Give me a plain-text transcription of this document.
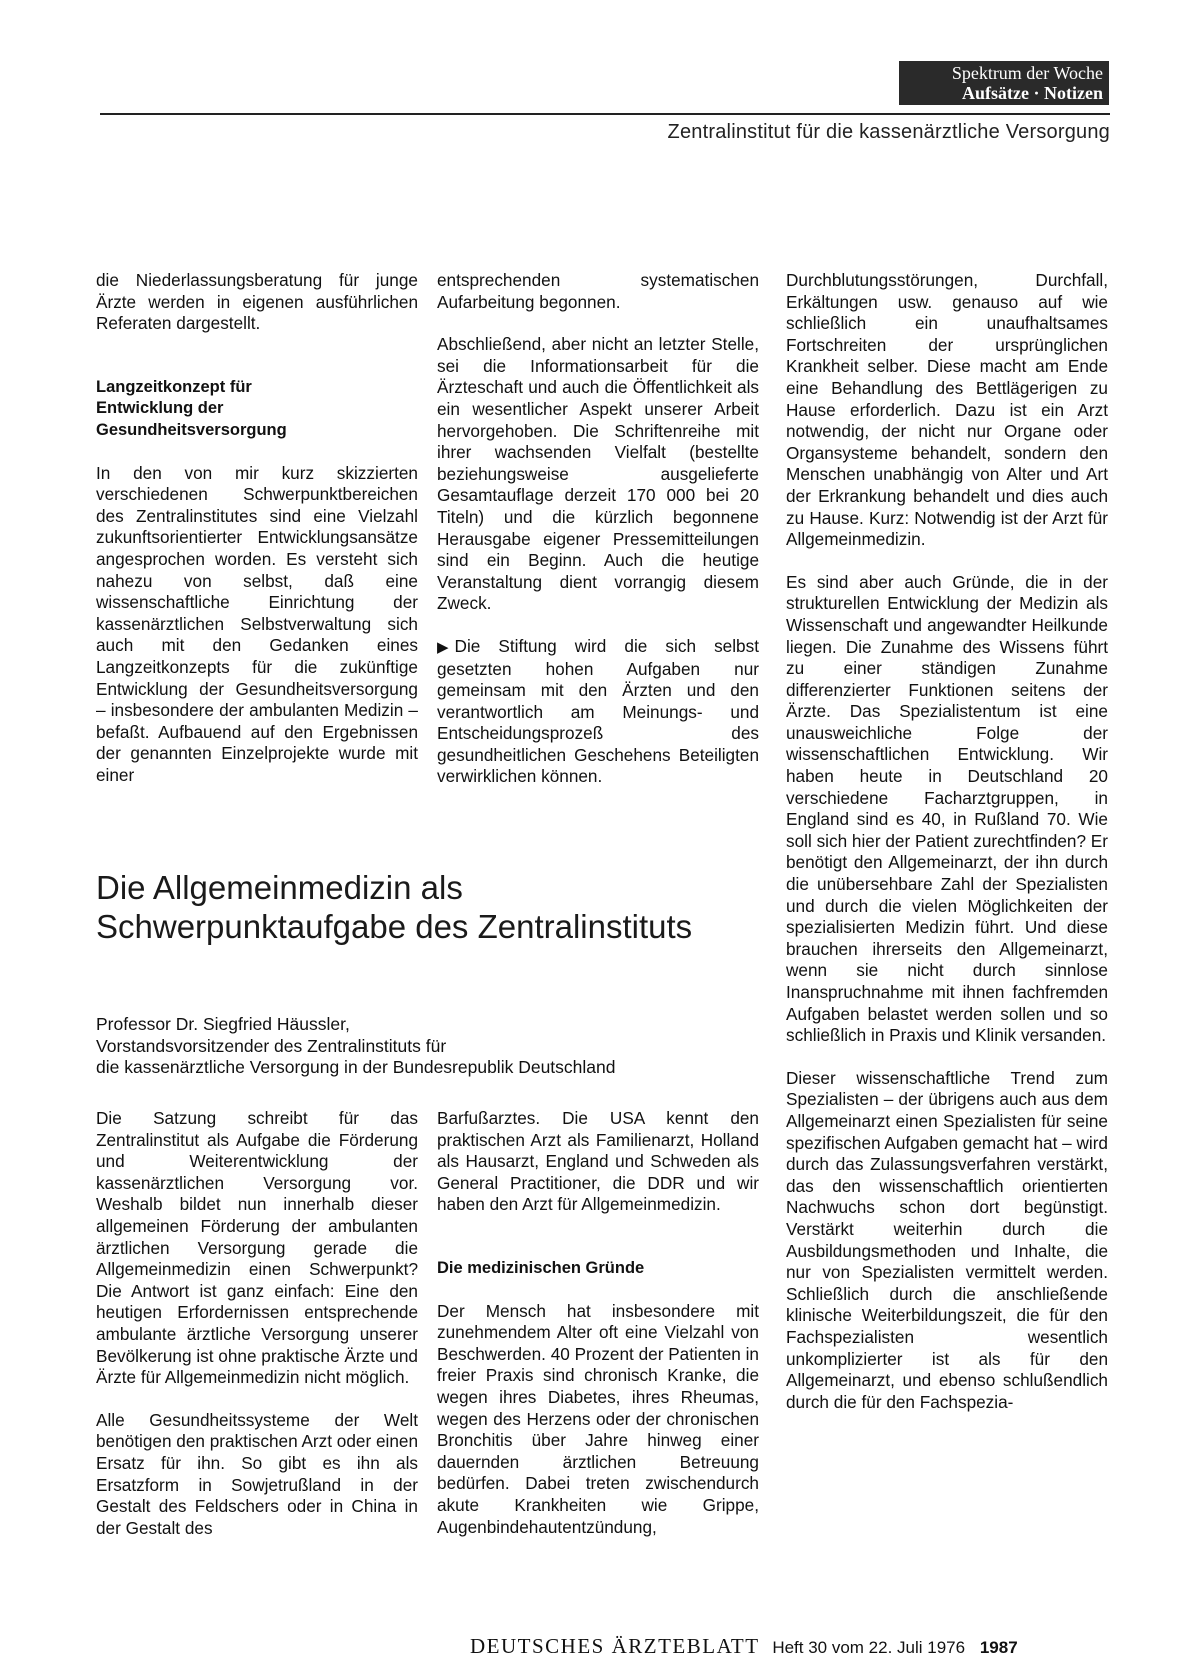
Spektrum der Woche
Aufsätze · Notizen
Zentralinstitut für die kassenärztliche Versorgung

die Niederlassungsberatung für junge Ärzte werden in eigenen ausführlichen Referaten dargestellt.

Langzeitkonzept für Entwicklung der Gesundheitsversorgung

In den von mir kurz skizzierten verschiedenen Schwerpunktbereichen des Zentralinstitutes sind eine Vielzahl zukunftsorientierter Entwicklungsansätze angesprochen worden. Es versteht sich nahezu von selbst, daß eine wissenschaftliche Einrichtung der kassenärztlichen Selbstverwaltung sich auch mit den Gedanken eines Langzeitkonzepts für die zukünftige Entwicklung der Gesundheitsversorgung – insbesondere der ambulanten Medizin – befaßt. Aufbauend auf den Ergebnissen der genannten Einzelprojekte wurde mit einer

entsprechenden systematischen Aufarbeitung begonnen.

Abschließend, aber nicht an letzter Stelle, sei die Informationsarbeit für die Ärzteschaft und auch die Öffentlichkeit als ein wesentlicher Aspekt unserer Arbeit hervorgehoben. Die Schriftenreihe mit ihrer wachsenden Vielfalt (bestellte beziehungsweise ausgelieferte Gesamtauflage derzeit 170 000 bei 20 Titeln) und die kürzlich begonnene Herausgabe eigener Pressemitteilungen sind ein Beginn. Auch die heutige Veranstaltung dient vorrangig diesem Zweck.

▶ Die Stiftung wird die sich selbst gesetzten hohen Aufgaben nur gemeinsam mit den Ärzten und den verantwortlich am Meinungs- und Entscheidungsprozeß des gesundheitlichen Geschehens Beteiligten verwirklichen können.

Die Allgemeinmedizin als Schwerpunktaufgabe des Zentralinstituts
Professor Dr. Siegfried Häussler,
Vorstandsvorsitzender des Zentralinstituts für
die kassenärztliche Versorgung in der Bundesrepublik Deutschland

Die Satzung schreibt für das Zentralinstitut als Aufgabe die Förderung und Weiterentwicklung der kassenärztlichen Versorgung vor. Weshalb bildet nun innerhalb dieser allgemeinen Förderung der ambulanten ärztlichen Versorgung gerade die Allgemeinmedizin einen Schwerpunkt? Die Antwort ist ganz einfach: Eine den heutigen Erfordernissen entsprechende ambulante ärztliche Versorgung unserer Bevölkerung ist ohne praktische Ärzte und Ärzte für Allgemeinmedizin nicht möglich.

Alle Gesundheitssysteme der Welt benötigen den praktischen Arzt oder einen Ersatz für ihn. So gibt es ihn als Ersatzform in Sowjetrußland in der Gestalt des Feldschers oder in China in der Gestalt des

Barfußarztes. Die USA kennt den praktischen Arzt als Familienarzt, Holland als Hausarzt, England und Schweden als General Practitioner, die DDR und wir haben den Arzt für Allgemeinmedizin.

Die medizinischen Gründe

Der Mensch hat insbesondere mit zunehmendem Alter oft eine Vielzahl von Beschwerden. 40 Prozent der Patienten in freier Praxis sind chronisch Kranke, die wegen ihres Diabetes, ihres Rheumas, wegen des Herzens oder der chronischen Bronchitis über Jahre hinweg einer dauernden ärztlichen Betreuung bedürfen. Dabei treten zwischendurch akute Krankheiten wie Grippe, Augenbindehautentzündung,

Durchblutungsstörungen, Durchfall, Erkältungen usw. genauso auf wie schließlich ein unaufhaltsames Fortschreiten der ursprünglichen Krankheit selber. Diese macht am Ende eine Behandlung des Bettlägerigen zu Hause erforderlich. Dazu ist ein Arzt notwendig, der nicht nur Organe oder Organsysteme behandelt, sondern den Menschen unabhängig von Alter und Art der Erkrankung behandelt und dies auch zu Hause. Kurz: Notwendig ist der Arzt für Allgemeinmedizin.

Es sind aber auch Gründe, die in der strukturellen Entwicklung der Medizin als Wissenschaft und angewandter Heilkunde liegen. Die Zunahme des Wissens führt zu einer ständigen Zunahme differenzierter Funktionen seitens der Ärzte. Das Spezialistentum ist eine unausweichliche Folge der wissenschaftlichen Entwicklung. Wir haben heute in Deutschland 20 verschiedene Facharztgruppen, in England sind es 40, in Rußland 70. Wie soll sich hier der Patient zurechtfinden? Er benötigt den Allgemeinarzt, der ihn durch die unübersehbare Zahl der Spezialisten und durch die vielen Möglichkeiten der spezialisierten Medizin führt. Und diese brauchen ihrerseits den Allgemeinarzt, wenn sie nicht durch sinnlose Inanspruchnahme mit ihnen fachfremden Aufgaben belastet werden sollen und so schließlich in Praxis und Klinik versanden.

Dieser wissenschaftliche Trend zum Spezialisten – der übrigens auch aus dem Allgemeinarzt einen Spezialisten für seine spezifischen Aufgaben gemacht hat – wird durch das Zulassungsverfahren verstärkt, das den wissenschaftlich orientierten Nachwuchs schon dort begünstigt. Verstärkt weiterhin durch die Ausbildungsmethoden und Inhalte, die nur von Spezialisten vermittelt werden. Schließlich durch die anschließende klinische Weiterbildungszeit, die für den Fachspezialisten wesentlich unkomplizierter ist als für den Allgemeinarzt, und ebenso schlußendlich durch die für den Fachspezia-

DEUTSCHES ÄRZTEBLATT Heft 30 vom 22. Juli 1976 1987
